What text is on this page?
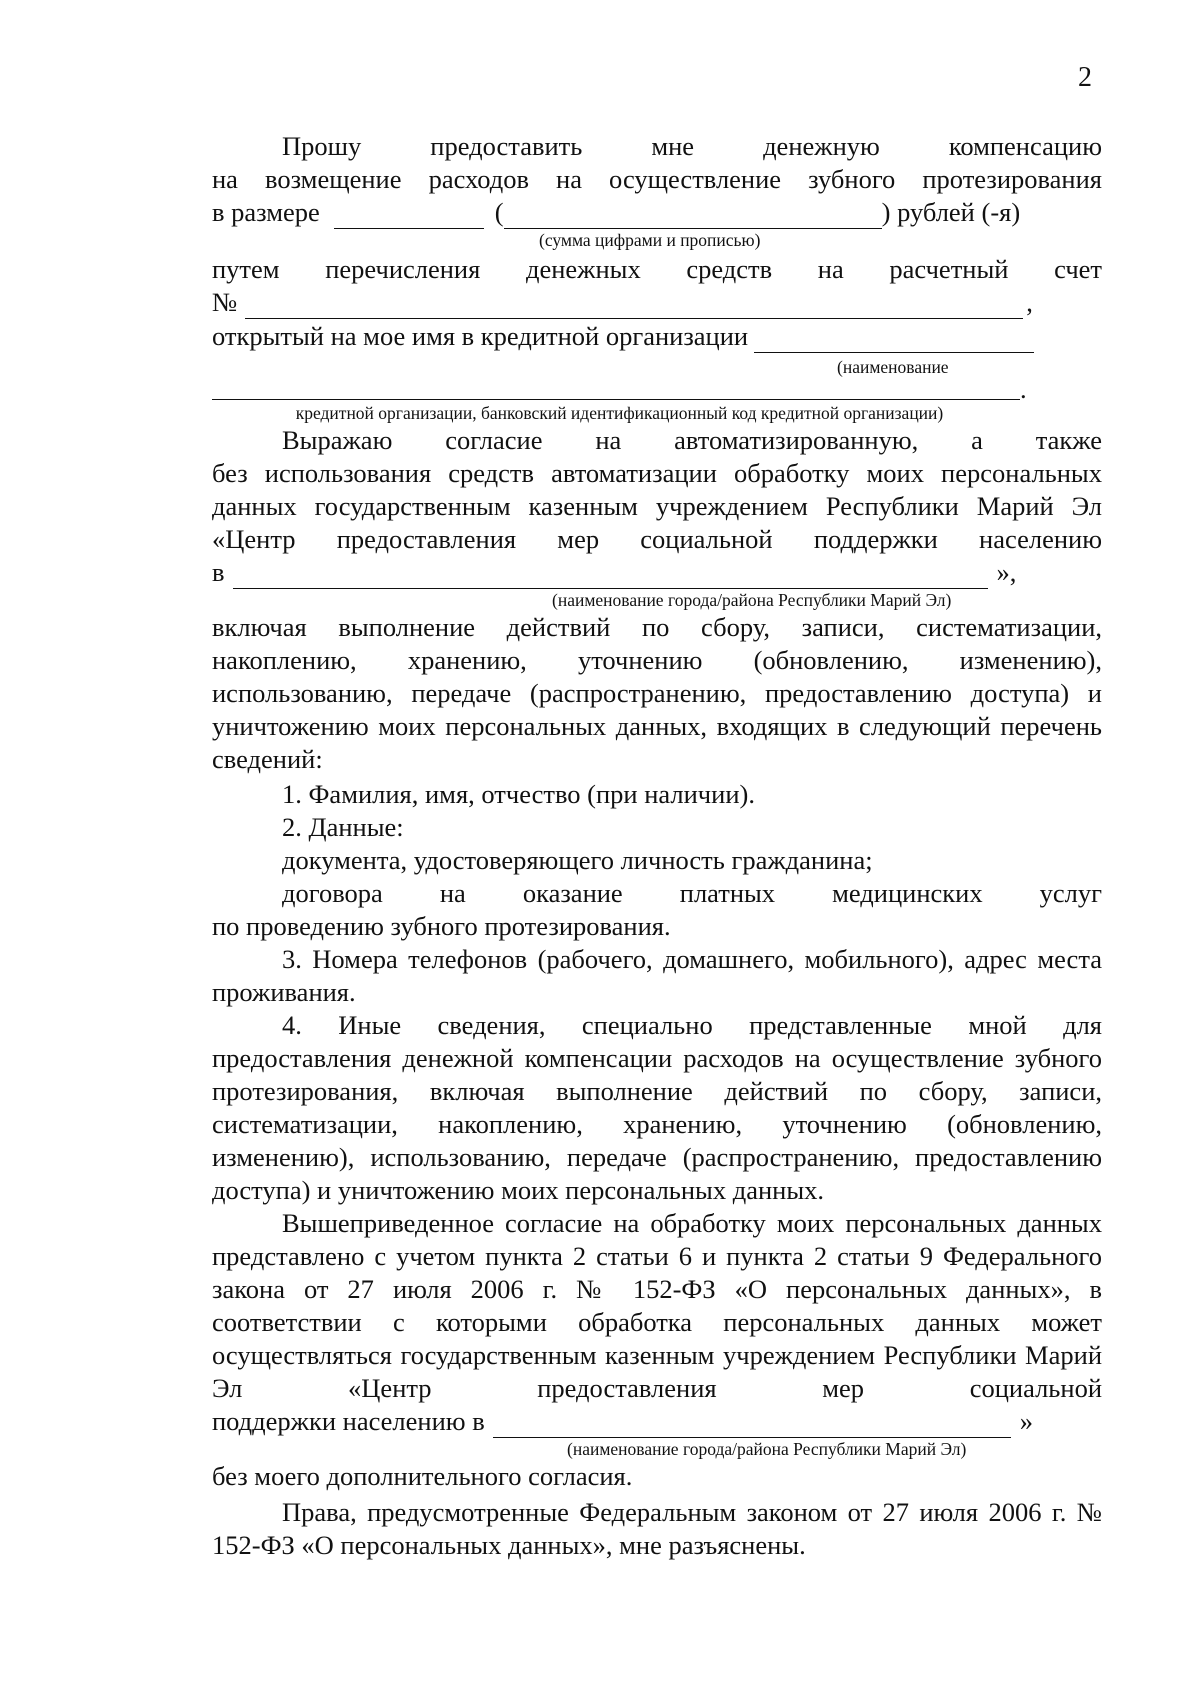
2

Прошу предоставить мне денежную компенсацию

на возмещение расходов на осуществление зубного протезирования

в размере	(	) рублей (-я)
(сумма цифрами и прописью)

путем перечисления денежных средств на расчетный счет

№	,
открытый на мое имя в кредитной организации
(наименование
.
кредитной организации, банковский идентификационный код кредитной организации)

Выражаю согласие на автоматизированную, а также

без использования средств автоматизации обработку моих персональных данных государственным казенным учреждением Республики Марий Эл «Центр предоставления мер социальной поддержки населению

в	»,
(наименование города/района Республики Марий Эл)

включая выполнение действий по сбору, записи, систематизации, накоплению, хранению, уточнению (обновлению, изменению), использованию, передаче (распространению, предоставлению доступа) и уничтожению моих персональных данных, входящих в следующий перечень сведений:

1. Фамилия, имя, отчество (при наличии).

2. Данные:

документа, удостоверяющего личность гражданина;

договора на оказание платных медицинских услуг

по проведению зубного протезирования.

3. Номера телефонов (рабочего, домашнего, мобильного), адрес места проживания.

4. Иные сведения, специально представленные мной для предоставления денежной компенсации расходов на осуществление зубного протезирования, включая выполнение действий по сбору, записи, систематизации, накоплению, хранению, уточнению (обновлению, изменению), использованию, передаче (распространению, предоставлению доступа) и уничтожению моих персональных данных.

Вышеприведенное согласие на обработку моих персональных данных представлено с учетом пункта 2 статьи 6 и пункта 2 статьи 9 Федерального закона от 27 июля 2006 г. № 152-ФЗ «О персональных данных», в соответствии с которыми обработка персональных данных может осуществляться государственным казенным учреждением Республики Марий Эл «Центр предоставления мер социальной

поддержки населению в	»
(наименование города/района Республики Марий Эл)

без моего дополнительного согласия.

Права, предусмотренные Федеральным законом от 27 июля 2006 г. № 152-ФЗ «О персональных данных», мне разъяснены.
